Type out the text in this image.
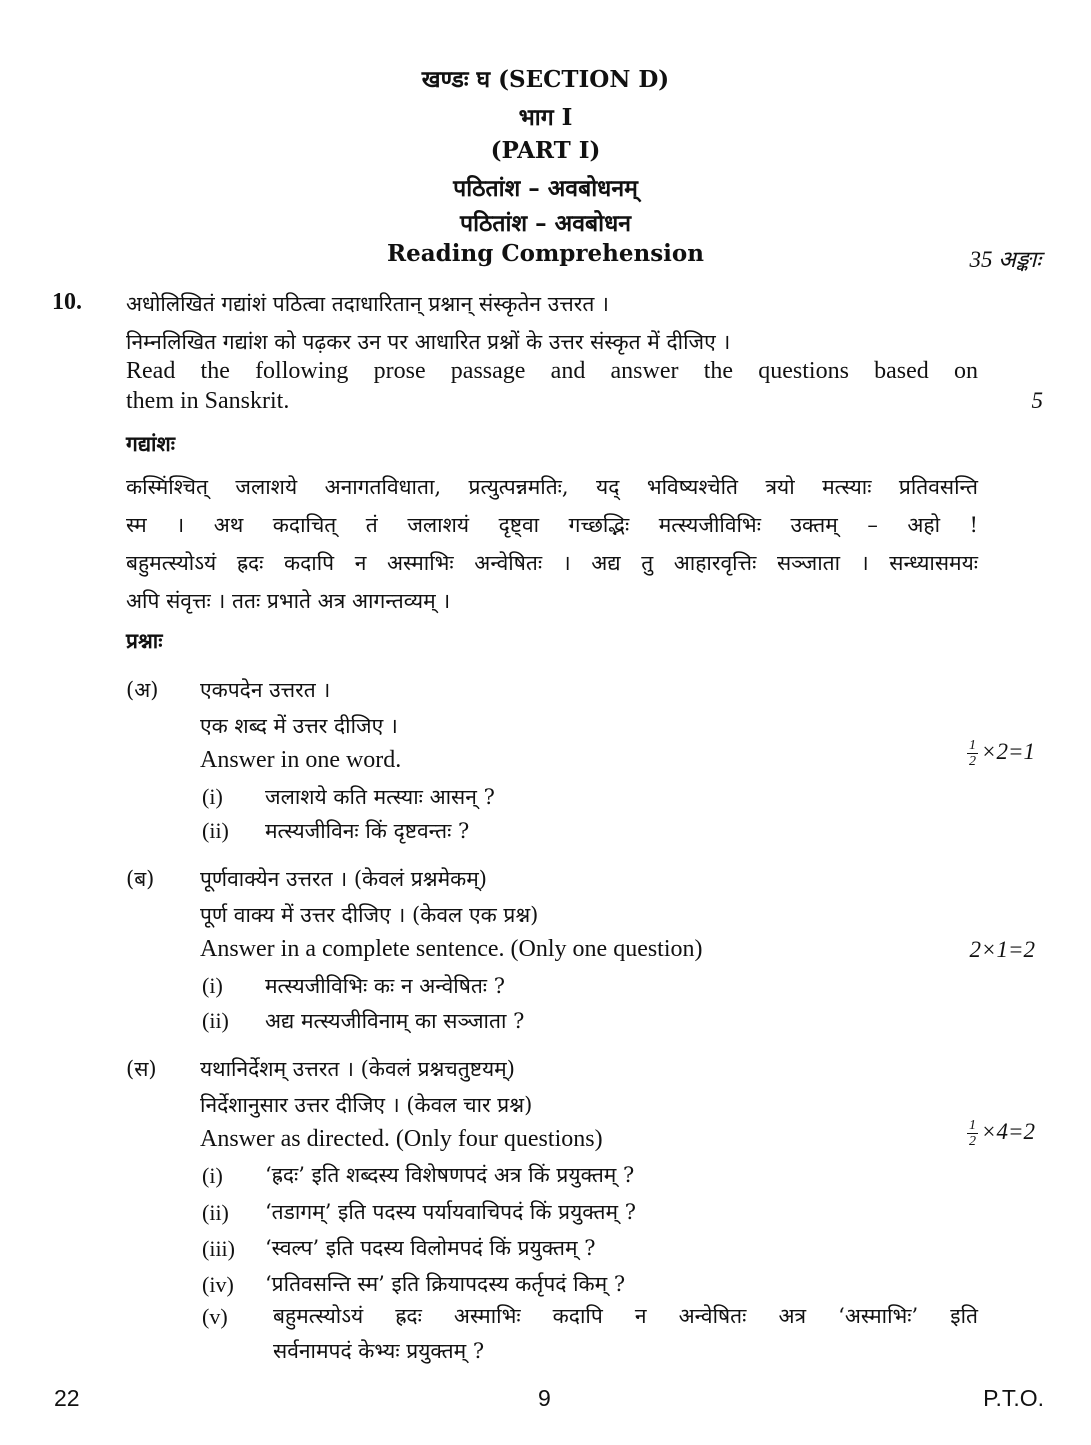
खण्डः घ (SECTION D)
भाग I
(PART I)
पठितांश – अवबोधनम्
पठितांश – अवबोधन
Reading Comprehension	35 अङ्काः
10. अधोलिखितं गद्यांशं पठित्वा तदाधारितान् प्रश्नान् संस्कृतेन उत्तरत ।
निम्नलिखित गद्यांश को पढ़कर उन पर आधारित प्रश्नों के उत्तर संस्कृत में दीजिए ।
Read the following prose passage and answer the questions based on
them in Sanskrit.	5
गद्यांशः
कस्मिंश्चित् जलाशये अनागतविधाता, प्रत्युत्पन्नमतिः, यद् भविष्यश्चेति त्रयो मत्स्याः प्रतिवसन्ति
स्म । अथ कदाचित् तं जलाशयं दृष्ट्वा गच्छद्भिः मत्स्यजीविभिः उक्तम् – अहो !
बहुमत्स्योऽयं ह्रदः कदापि न अस्माभिः अन्वेषितः । अद्य तु आहारवृत्तिः सञ्जाता । सन्ध्यासमयः
अपि संवृत्तः । ततः प्रभाते अत्र आगन्तव्यम् ।
प्रश्नाः
(अ) एकपदेन उत्तरत ।
एक शब्द में उत्तर दीजिए ।
Answer in one word.	$\frac{1}{2} \times 2=1$
(i) जलाशये कति मत्स्याः आसन् ?
(ii) मत्स्यजीविनः किं दृष्टवन्तः ?
(ब) पूर्णवाक्येन उत्तरत । (केवलं प्रश्नमेकम्)
पूर्ण वाक्य में उत्तर दीजिए । (केवल एक प्रश्न)
Answer in a complete sentence. (Only one question)	2×1=2
(i) मत्स्यजीविभिः कः न अन्वेषितः ?
(ii) अद्य मत्स्यजीविनाम् का सञ्जाता ?
(स) यथानिर्देशम् उत्तरत । (केवलं प्रश्नचतुष्टयम्)
निर्देशानुसार उत्तर दीजिए । (केवल चार प्रश्न)
Answer as directed. (Only four questions)	$\frac{1}{2} \times 4=2$
(i) ‘ह्रदः’ इति शब्दस्य विशेषणपदं अत्र किं प्रयुक्तम् ?
(ii) ‘तडागम्’ इति पदस्य पर्यायवाचिपदं किं प्रयुक्तम् ?
(iii) ‘स्वल्प’ इति पदस्य विलोमपदं किं प्रयुक्तम् ?
(iv) ‘प्रतिवसन्ति स्म’ इति क्रियापदस्य कर्तृपदं किम् ?
(v) बहुमत्स्योऽयं ह्रदः अस्माभिः कदापि न अन्वेषितः अत्र ‘अस्माभिः’ इति
सर्वनामपदं केभ्यः प्रयुक्तम् ?
22	9	P.T.O.
